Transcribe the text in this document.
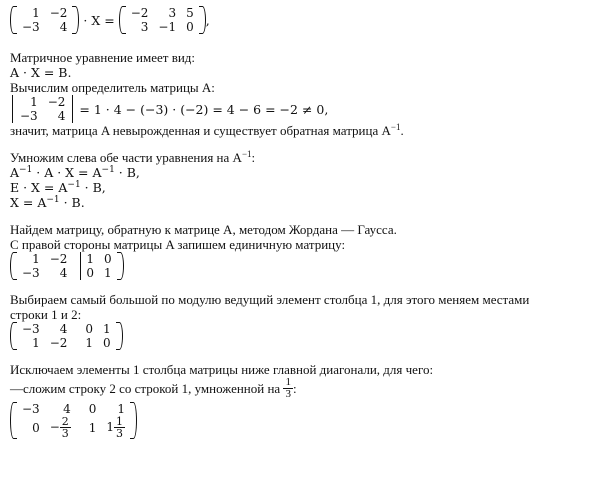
1	−2
−3	4 · X = −2	3	5
3	−1	0 ,
Матричное уравнение имеет вид:
A · X = B.
Вычислим определитель матрицы A:
1	−2
−3	4 = 1 · 4 − (−3) · (−2) = 4 − 6 = −2 ≠ 0,
значит, матрица A невырожденная и существует обратная матрица $A^{-1}$.
Умножим слева обе части уравнения на $A^{-1}$:
$A^{-1} \cdot A \cdot X = A^{-1} \cdot B$,
$E \cdot X = A^{-1} \cdot B$,
$X = A^{-1} \cdot B$.
Найдем матрицу, обратную к матрице A, методом Жордана — Гаусса.
С правой стороны матрицы A запишем единичную матрицу:
1	−2		1	0
−3	4		0	1
Выбираем самый большой по модулю ведущий элемент столбца 1, для этого меняем местами
строки 1 и 2:
−3	4		0	1
1	−2		1	0
Исключаем элементы 1 столбца матрицы ниже главной диагонали, для чего:
—сложим строку 2 со строкой 1, умноженной на $\frac{1}{3}$ :
−3	4		0	1
0	− $\frac{2}{3}$		1	$1 \frac{1}{3}$
